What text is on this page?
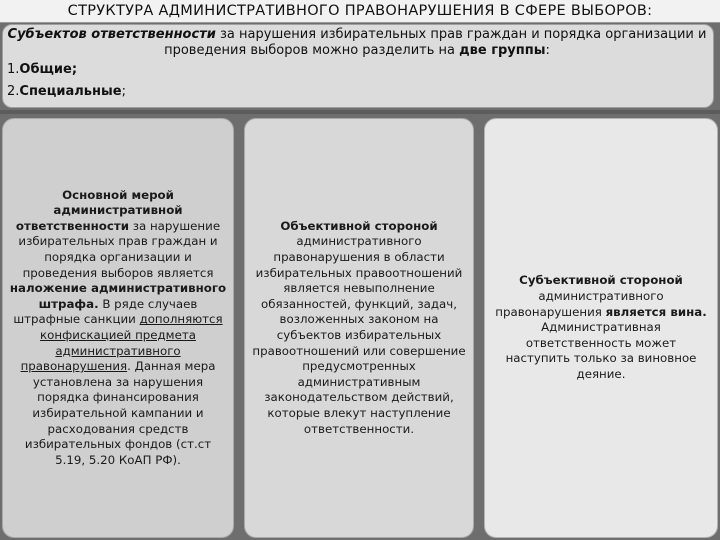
СТРУКТУРА АДМИНИСТРАТИВНОГО ПРАВОНАРУШЕНИЯ В СФЕРЕ ВЫБОРОВ:

Субъектов ответственности за нарушения избирательных прав граждан и порядка организации и проведения выборов можно разделить на две группы:

1.Общие;

2.Специальные;

Основной мерой административной ответственности за нарушение избирательных прав граждан и порядка организации и проведения выборов является наложение административного штрафа. В ряде случаев штрафные санкции дополняются конфискацией предмета административного правонарушения. Данная мера установлена за нарушения порядка финансирования избирательной кампании и расходования средств избирательных фондов (ст.ст 5.19, 5.20 КоАП РФ).
Объективной стороной административного правонарушения в области избирательных правоотношений является невыполнение обязанностей, функций, задач, возложенных законом на субъектов избирательных правоотношений или совершение предусмотренных административным законодательством действий, которые влекут наступление ответственности.
Субъективной стороной административного правонарушения является вина. Административная ответственность может наступить только за виновное деяние.
